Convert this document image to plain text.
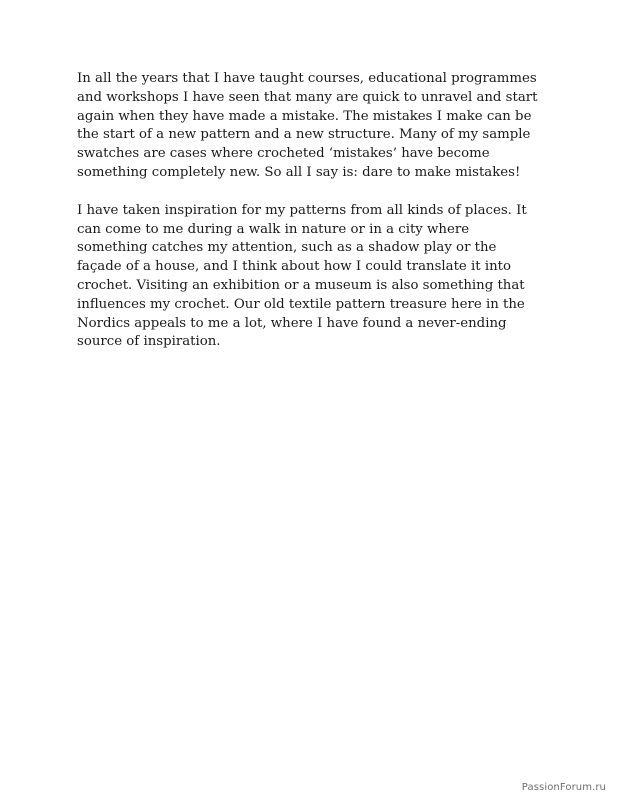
In all the years that I have taught courses, educational programmes
and workshops I have seen that many are quick to unravel and start
again when they have made a mistake. The mistakes I make can be
the start of a new pattern and a new structure. Many of my sample
swatches are cases where crocheted ‘mistakes’ have become
something completely new. So all I say is: dare to make mistakes!

I have taken inspiration for my patterns from all kinds of places. It
can come to me during a walk in nature or in a city where
something catches my attention, such as a shadow play or the
façade of a house, and I think about how I could translate it into
crochet. Visiting an exhibition or a museum is also something that
influences my crochet. Our old textile pattern treasure here in the
Nordics appeals to me a lot, where I have found a never-ending
source of inspiration.

PassionForum.ru
